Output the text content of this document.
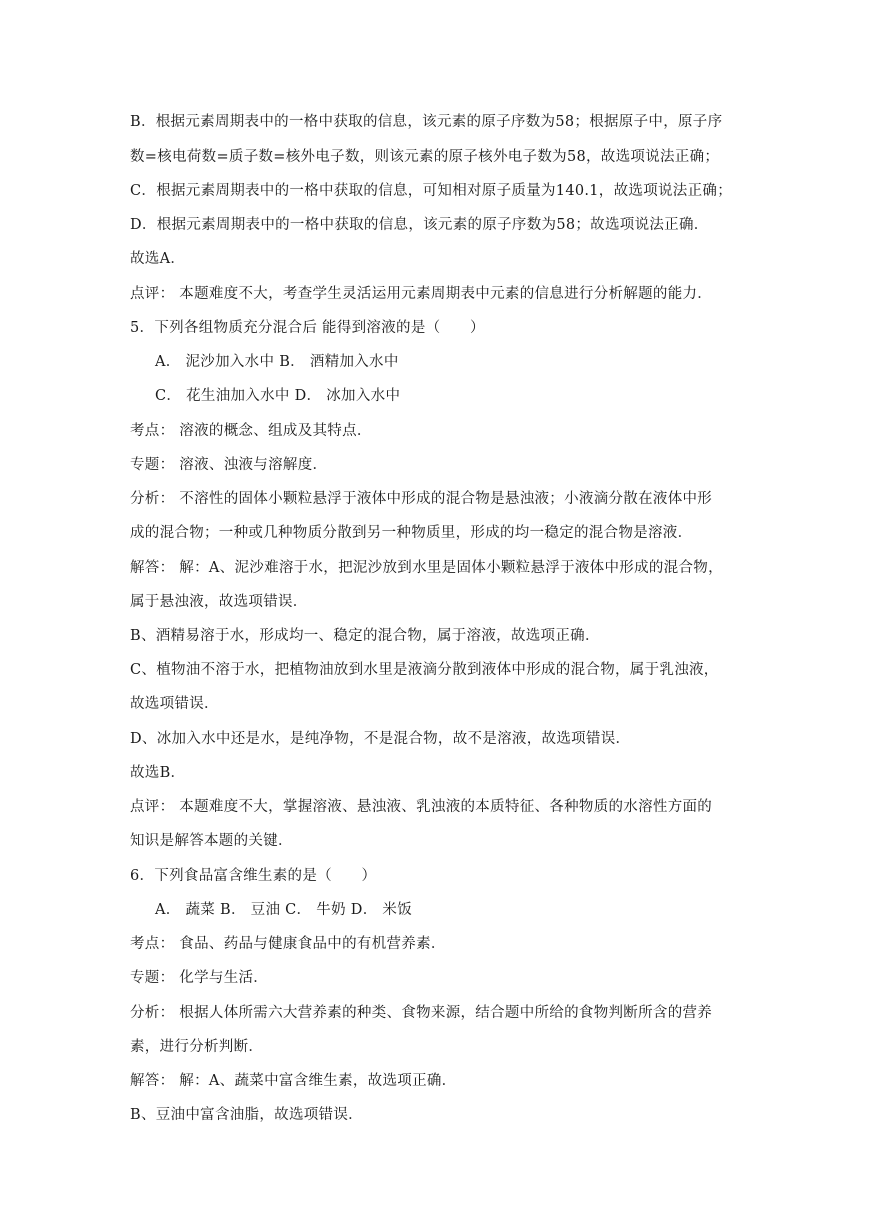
B．根据元素周期表中的一格中获取的信息，该元素的原子序数为58；根据原子中，原子序
数=核电荷数=质子数=核外电子数，则该元素的原子核外电子数为58，故选项说法正确；
C．根据元素周期表中的一格中获取的信息，可知相对原子质量为140.1，故选项说法正确；
D．根据元素周期表中的一格中获取的信息，该元素的原子序数为58；故选项说法正确．
故选A．
点评： 本题难度不大，考查学生灵活运用元素周期表中元素的信息进行分析解题的能力．
5．下列各组物质充分混合后 能得到溶液的是（　　）
A． 泥沙加入水中 B． 酒精加入水中
C． 花生油加入水中 D． 冰加入水中
考点： 溶液的概念、组成及其特点．
专题： 溶液、浊液与溶解度．
分析： 不溶性的固体小颗粒悬浮于液体中形成的混合物是悬浊液；小液滴分散在液体中形
成的混合物；一种或几种物质分散到另一种物质里，形成的均一稳定的混合物是溶液．
解答： 解：A、泥沙难溶于水，把泥沙放到水里是固体小颗粒悬浮于液体中形成的混合物，
属于悬浊液，故选项错误．
B、酒精易溶于水，形成均一、稳定的混合物，属于溶液，故选项正确．
C、植物油不溶于水，把植物油放到水里是液滴分散到液体中形成的混合物，属于乳浊液，
故选项错误．
D、冰加入水中还是水，是纯净物，不是混合物，故不是溶液，故选项错误．
故选B．
点评： 本题难度不大，掌握溶液、悬浊液、乳浊液的本质特征、各种物质的水溶性方面的
知识是解答本题的关键．
6．下列食品富含维生素的是（　　）
A． 蔬菜 B． 豆油 C． 牛奶 D． 米饭
考点： 食品、药品与健康食品中的有机营养素．
专题： 化学与生活．
分析： 根据人体所需六大营养素的种类、食物来源，结合题中所给的食物判断所含的营养
素，进行分析判断．
解答： 解：A、蔬菜中富含维生素，故选项正确．
B、豆油中富含油脂，故选项错误．
